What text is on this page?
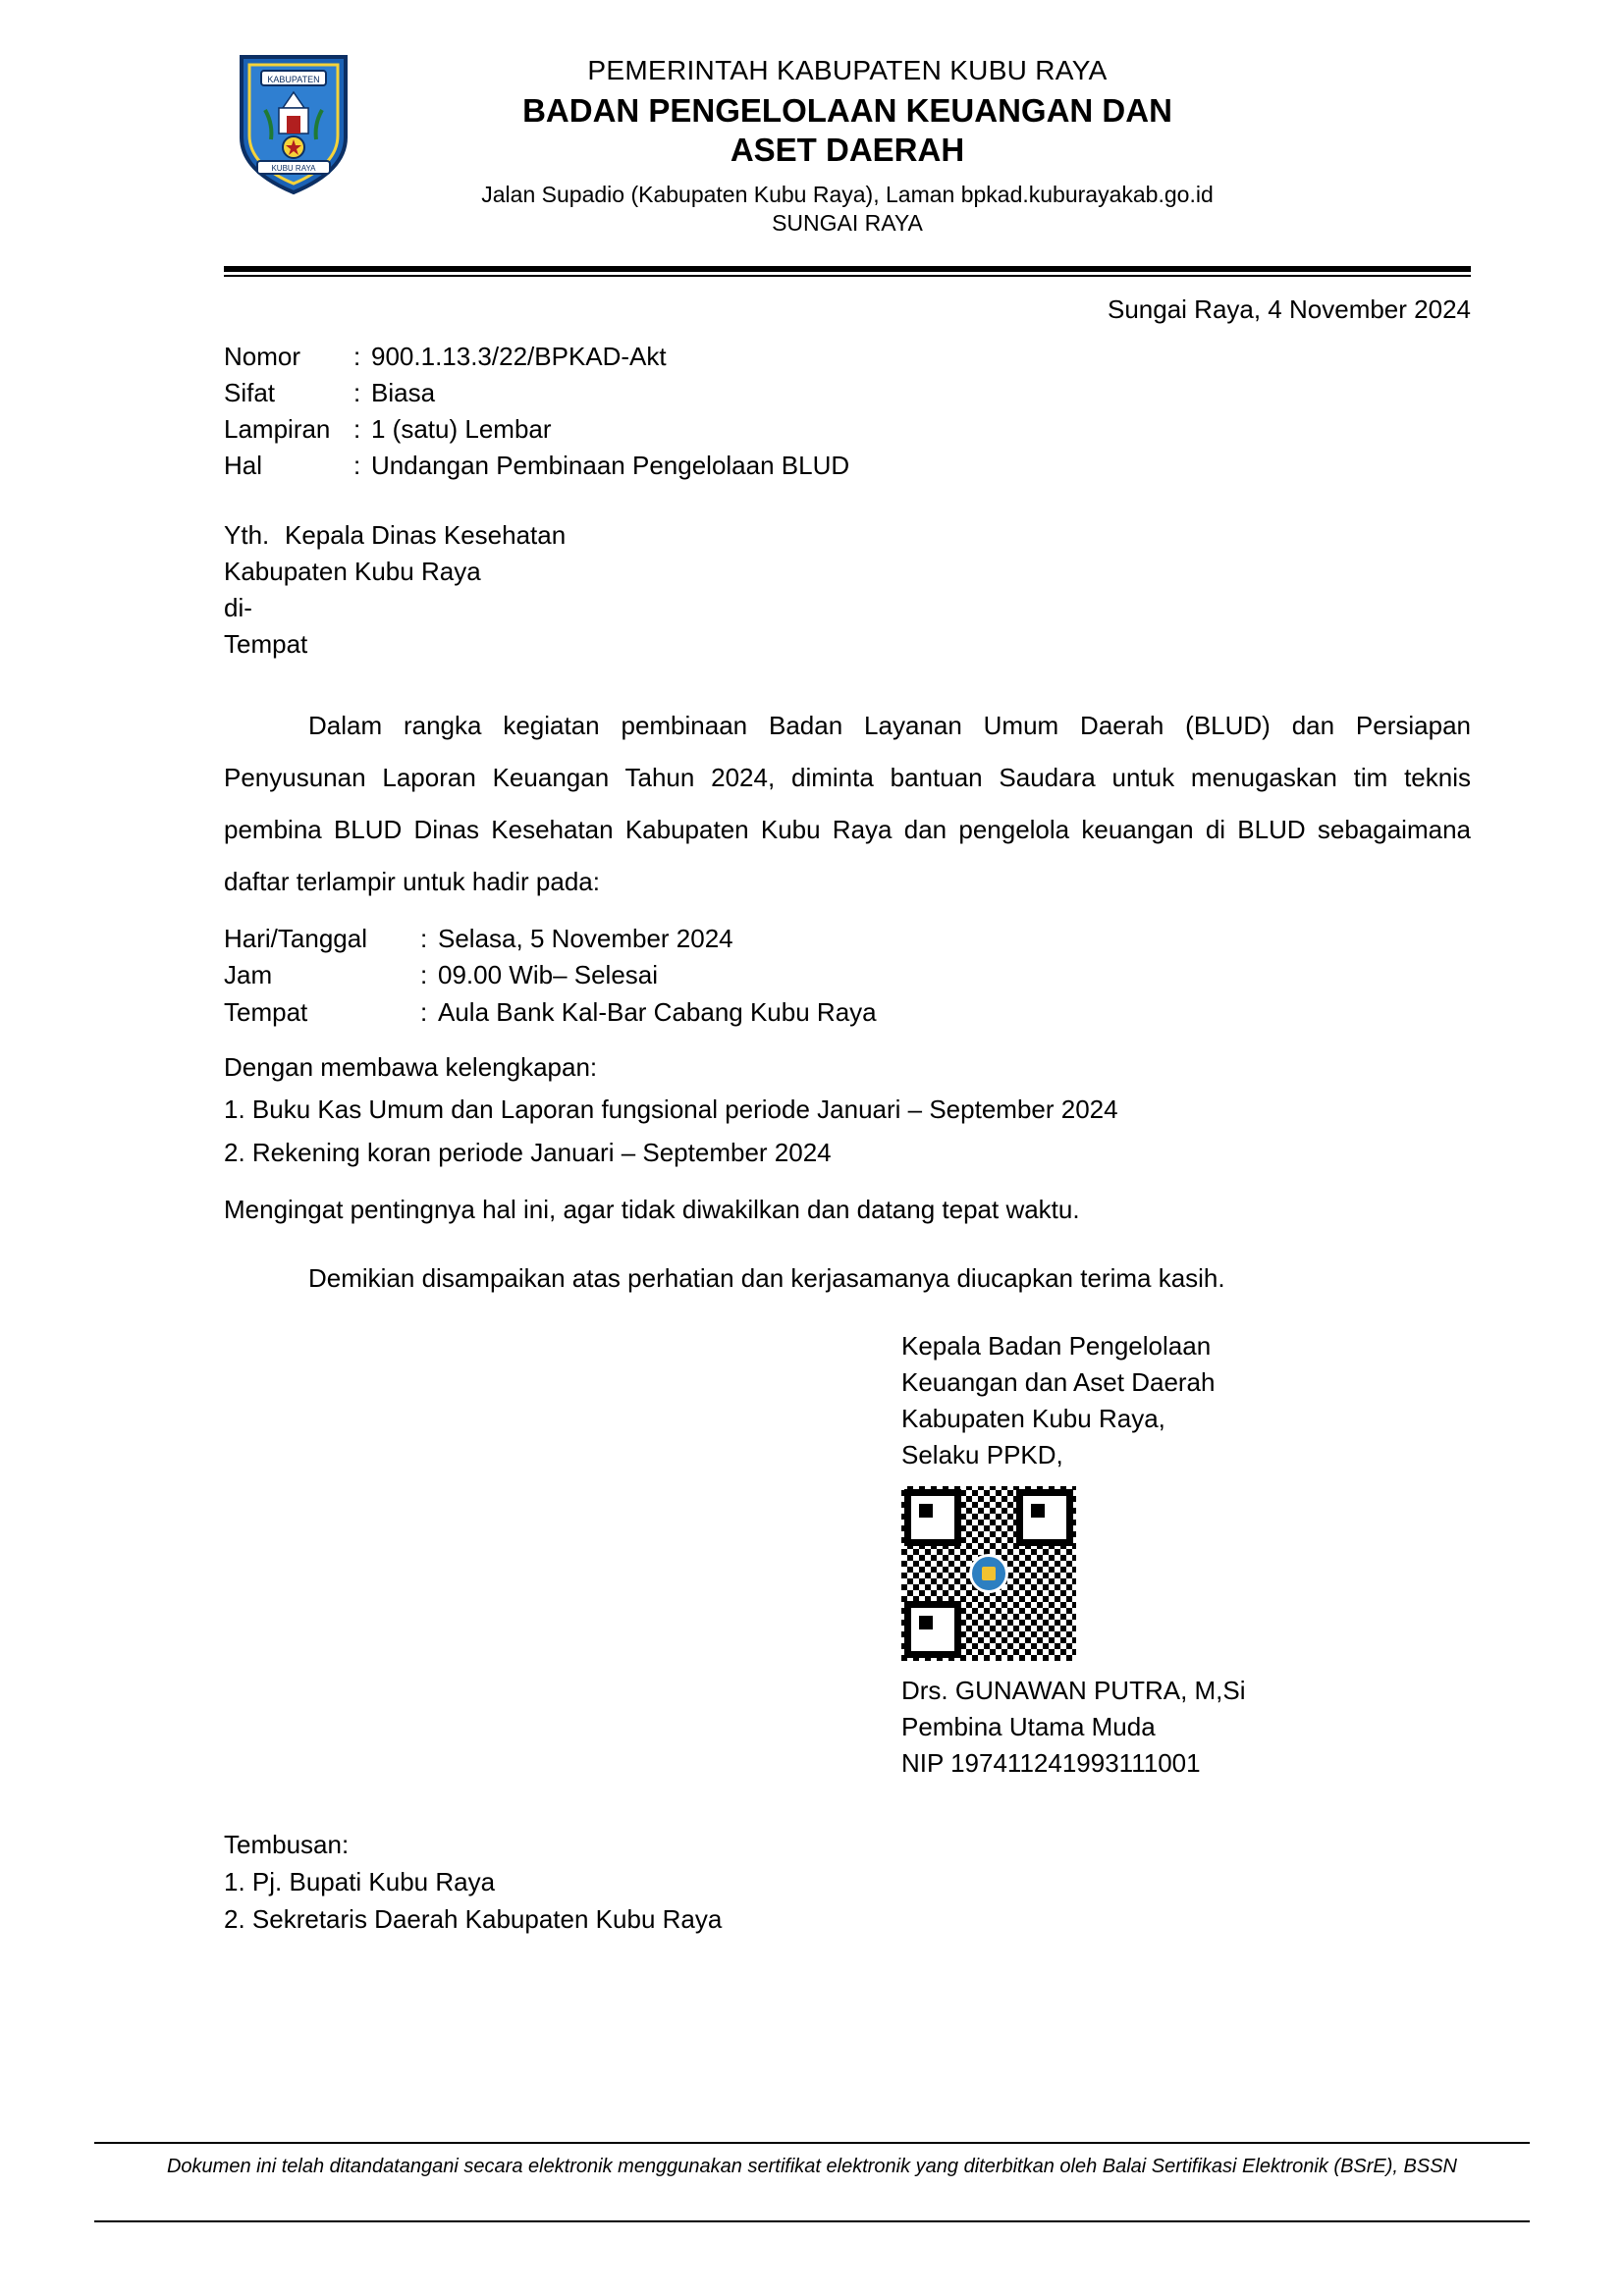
KABUPATEN
KUBU RAYA
PEMERINTAH KABUPATEN KUBU RAYA
BADAN PENGELOLAAN KEUANGAN DAN
ASET DAERAH
Jalan Supadio (Kabupaten Kubu Raya), Laman bpkad.kuburayakab.go.id
SUNGAI RAYA
Sungai Raya, 4 November 2024
Nomor	: 900.1.13.3/22/BPKAD-Akt
Sifat	: Biasa
Lampiran : 1 (satu) Lembar
Hal	: Undangan Pembinaan Pengelolaan BLUD
Yth. Kepala Dinas Kesehatan
Kabupaten Kubu Raya
di-
Tempat
Dalam rangka kegiatan pembinaan Badan Layanan Umum Daerah (BLUD) dan Persiapan Penyusunan Laporan Keuangan Tahun 2024, diminta bantuan Saudara untuk menugaskan tim teknis pembina BLUD Dinas Kesehatan Kabupaten Kubu Raya dan pengelola keuangan di BLUD sebagaimana daftar terlampir untuk hadir pada:
Hari/Tanggal	: Selasa, 5 November 2024
Jam	: 09.00 Wib– Selesai
Tempat	: Aula Bank Kal-Bar Cabang Kubu Raya
Dengan membawa kelengkapan:
1. Buku Kas Umum dan Laporan fungsional periode Januari – September 2024
2. Rekening koran periode Januari – September 2024
Mengingat pentingnya hal ini, agar tidak diwakilkan dan datang tepat waktu.
Demikian disampaikan atas perhatian dan kerjasamanya diucapkan terima kasih.
Kepala Badan Pengelolaan
Keuangan dan Aset Daerah
Kabupaten Kubu Raya,
Selaku PPKD,
Drs. GUNAWAN PUTRA, M,Si
Pembina Utama Muda
NIP 197411241993111001
Tembusan:
1. Pj. Bupati Kubu Raya
2. Sekretaris Daerah Kabupaten Kubu Raya
Dokumen ini telah ditandatangani secara elektronik menggunakan sertifikat elektronik yang diterbitkan oleh Balai Sertifikasi Elektronik (BSrE), BSSN
